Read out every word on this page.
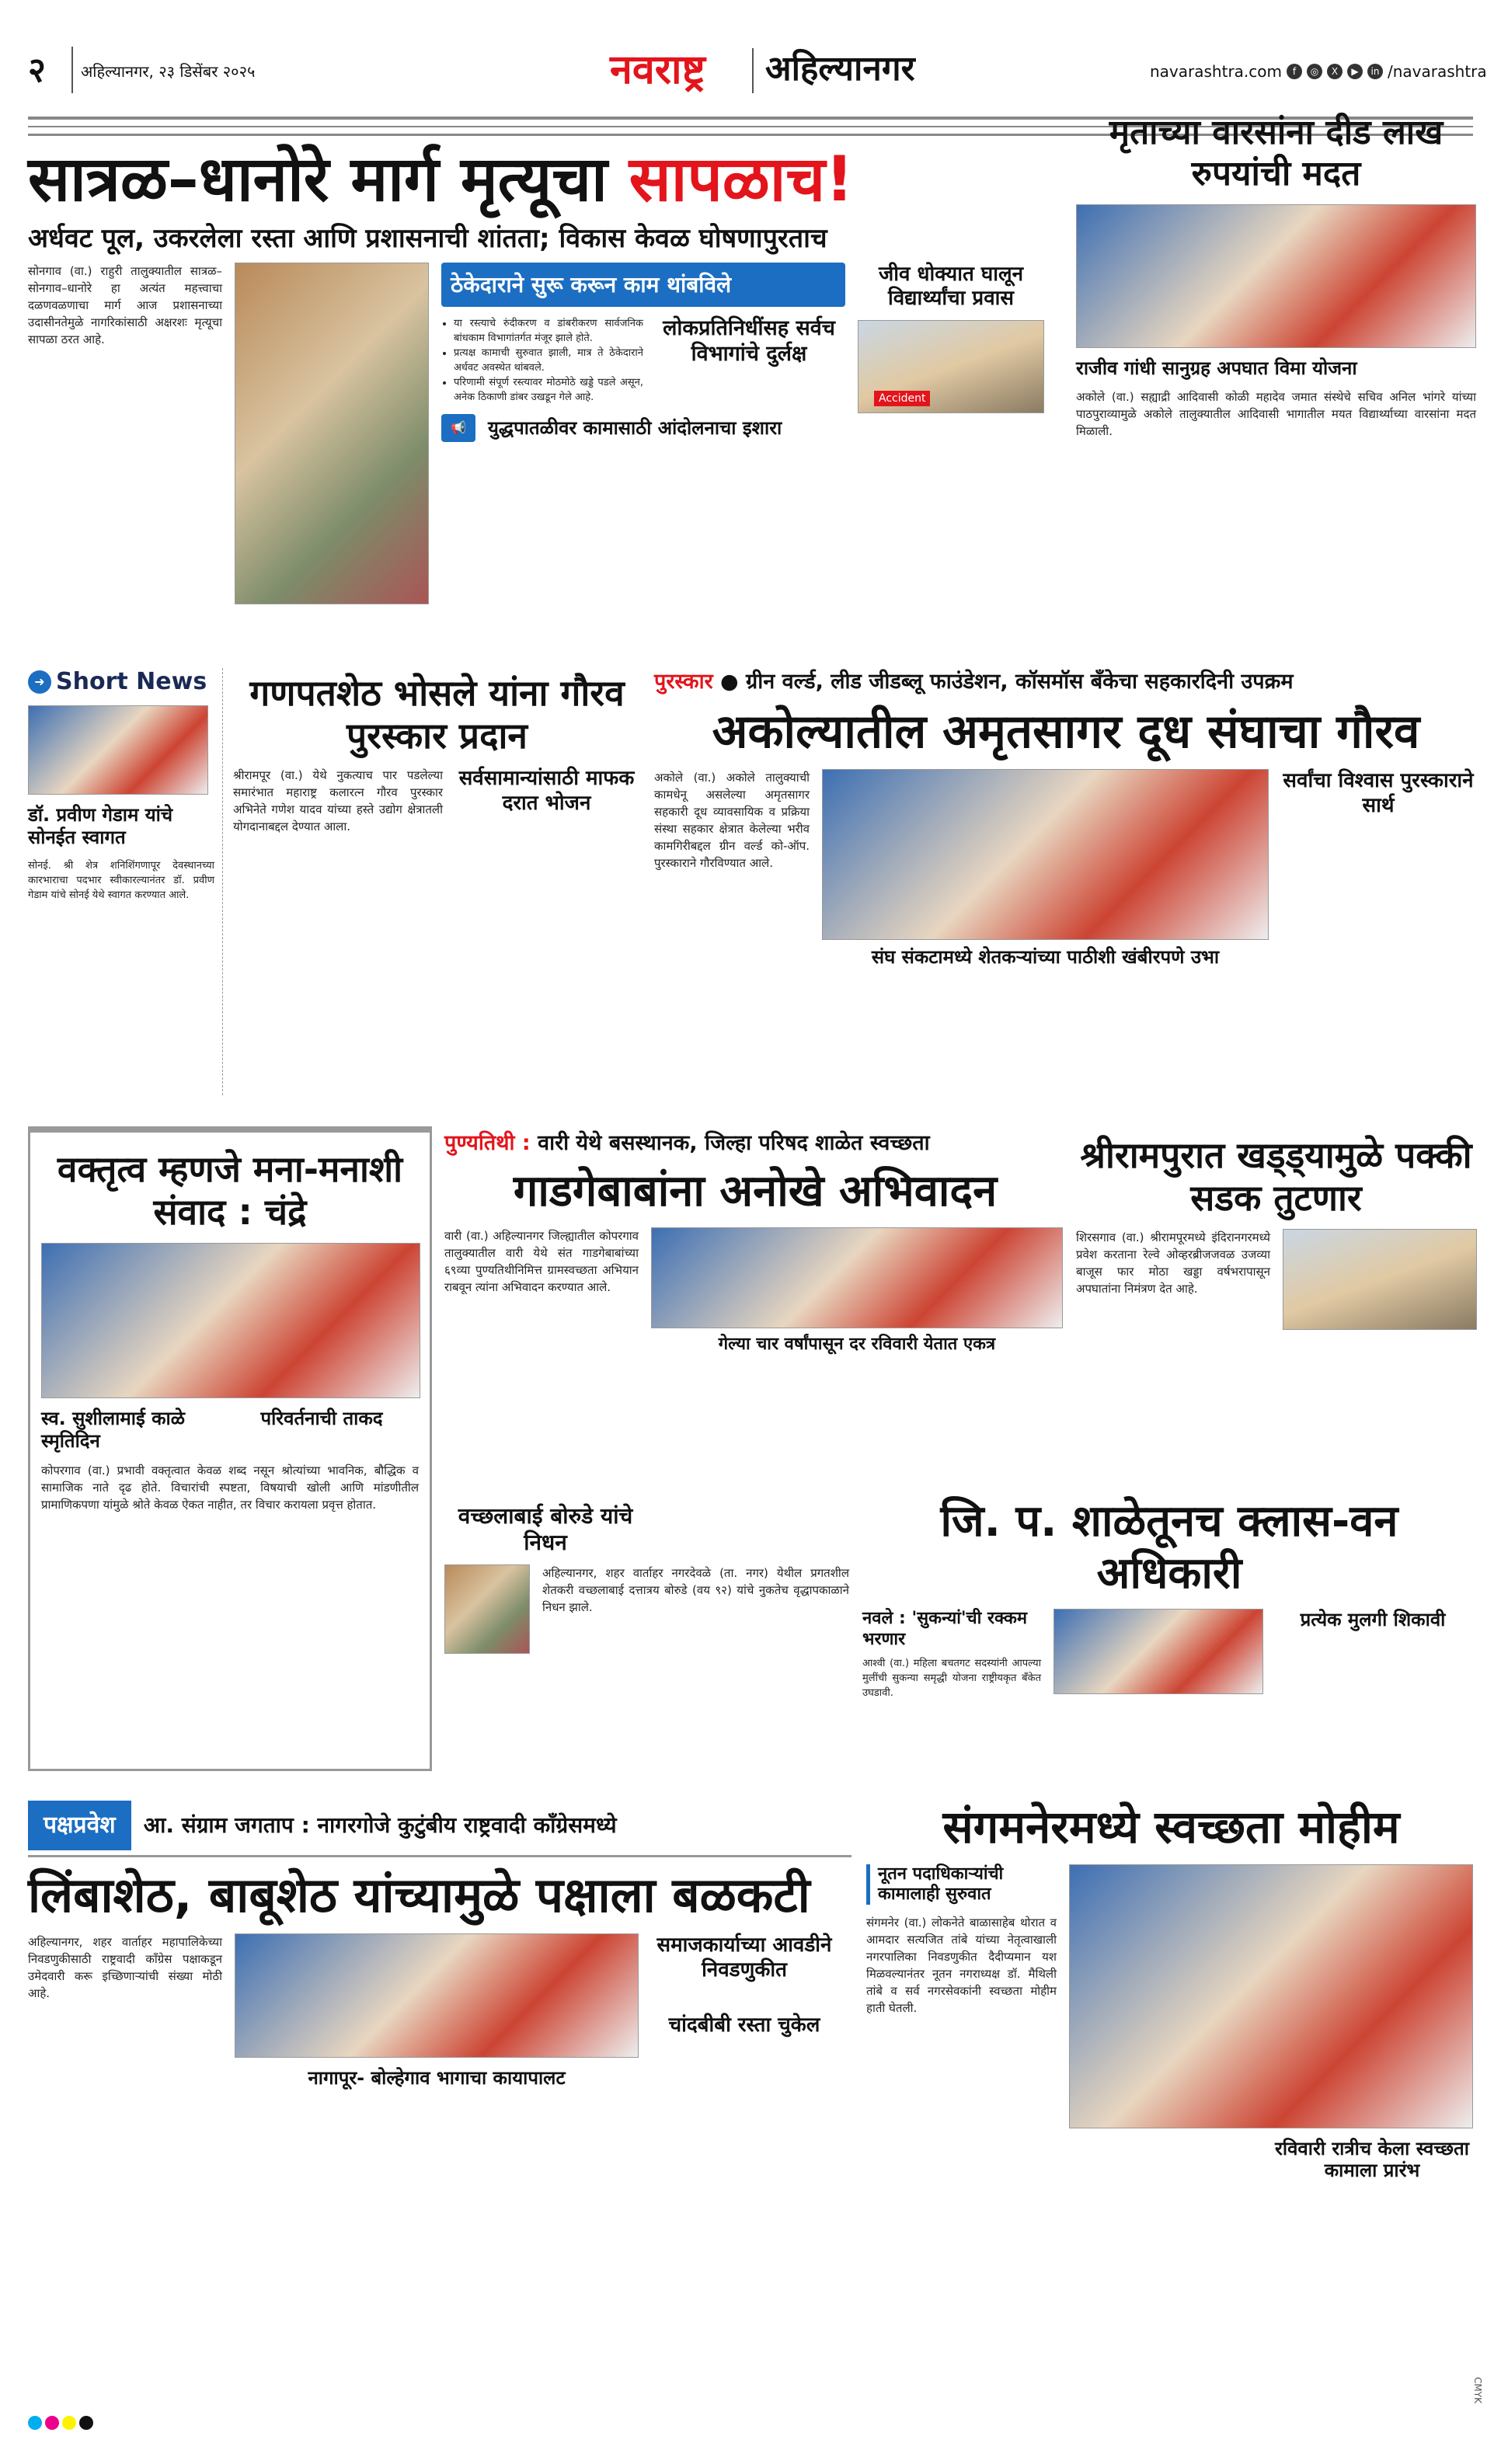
२ अहिल्यानगर, २३ डिसेंबर २०२५	नवराष्ट्र अहिल्यानगर	navarashtra.com	f	◎	X	▶	in /navarashtra
सात्रळ–धानोरे मार्ग मृत्यूचा सापळाच!
अर्धवट पूल, उकरलेला रस्ता आणि प्रशासनाची शांतता; विकास केवळ घोषणापुरताच
सोनगाव (वा.) राहुरी तालुक्यातील सात्रळ–सोनगाव–धानोरे हा अत्यंत महत्त्वाचा दळणवळणाचा मार्ग आज प्रशासनाच्या उदासीनतेमुळे नागरिकांसाठी अक्षरशः मृत्यूचा सापळा ठरत आहे.
ठेकेदाराने सुरू करून काम थांबविले
• या रस्त्याचे रुंदीकरण व डांबरीकरण सार्वजनिक बांधकाम विभागांतर्गत मंजूर झाले होते.
• प्रत्यक्ष कामाची सुरुवात झाली, मात्र ते ठेकेदाराने अर्धवट अवस्थेत थांबवले.
• परिणामी संपूर्ण रस्त्यावर मोठमोठे खड्डे पडले असून, अनेक ठिकाणी डांबर उखडून गेले आहे.
लोकप्रतिनिधींसह सर्वच विभागांचे दुर्लक्ष
📢	युद्धपातळीवर कामासाठी आंदोलनाचा इशारा
जीव धोक्यात घालून विद्यार्थ्यांचा प्रवास
Accident
मृताच्या वारसांना दीड लाख रुपयांची मदत
राजीव गांधी सानुग्रह अपघात विमा योजना
अकोले (वा.) सह्याद्री आदिवासी कोळी महादेव जमात संस्थेचे सचिव अनिल भांगरे यांच्या पाठपुराव्यामुळे अकोले तालुक्यातील आदिवासी भागातील मयत विद्यार्थ्याच्या वारसांना मदत मिळाली.
➜ Short News
डॉ. प्रवीण गेडाम यांचे सोनईत स्वागत
सोनई. श्री शेत्र शनिशिंगणापूर देवस्थानच्या कारभाराचा पदभार स्वीकारल्यानंतर डॉ. प्रवीण गेडाम यांचे सोनई येथे स्वागत करण्यात आले.
गणपतशेठ भोसले यांना गौरव पुरस्कार प्रदान
श्रीरामपूर (वा.) येथे नुकत्याच पार पडलेल्या समारंभात महाराष्ट्र कलारत्न गौरव पुरस्कार अभिनेते गणेश यादव यांच्या हस्ते उद्योग क्षेत्रातली योगदानाबद्दल देण्यात आला.
सर्वसामान्यांसाठी माफक दरात भोजन
पुरस्कार ● ग्रीन वर्ल्ड, लीड जीडब्लू फाउंडेशन, कॉसमॉस बँकेचा सहकारदिनी उपक्रम
अकोल्यातील अमृतसागर दूध संघाचा गौरव
अकोले (वा.) अकोले तालुक्याची कामधेनू असलेल्या अमृतसागर सहकारी दूध व्यावसायिक व प्रक्रिया संस्था सहकार क्षेत्रात केलेल्या भरीव कामगिरीबद्दल ग्रीन वर्ल्ड को-ऑप. पुरस्काराने गौरविण्यात आले.
संघ संकटामध्ये शेतकऱ्यांच्या पाठीशी खंबीरपणे उभा
सर्वांचा विश्वास पुरस्काराने सार्थ
वक्तृत्व म्हणजे मना-मनाशी संवाद : चंद्रे
स्व. सुशीलामाई काळे स्मृतिदिन
परिवर्तनाची ताकद
कोपरगाव (वा.) प्रभावी वक्तृत्वात केवळ शब्द नसून श्रोत्यांच्या भावनिक, बौद्धिक व सामाजिक नाते दृढ होते. विचारांची स्पष्टता, विषयाची खोली आणि मांडणीतील प्रामाणिकपणा यांमुळे श्रोते केवळ ऐकत नाहीत, तर विचार करायला प्रवृत्त होतात.
पुण्यतिथी : वारी येथे बसस्थानक, जिल्हा परिषद शाळेत स्वच्छता
गाडगेबाबांना अनोखे अभिवादन
वारी (वा.) अहिल्यानगर जिल्ह्यातील कोपरगाव तालुक्यातील वारी येथे संत गाडगेबाबांच्या ६९व्या पुण्यतिथीनिमित्त ग्रामस्वच्छता अभियान राबवून त्यांना अभिवादन करण्यात आले.
गेल्या चार वर्षांपासून दर रविवारी येतात एकत्र
श्रीरामपुरात खड्ड्यामुळे पक्की सडक तुटणार
शिरसगाव (वा.) श्रीरामपूरमध्ये इंदिरानगरमध्ये प्रवेश करताना रेल्वे ओव्हरब्रीजजवळ उजव्या बाजूस फार मोठा खड्डा वर्षभरापासून अपघातांना निमंत्रण देत आहे.
वच्छलाबाई बोरुडे यांचे निधन
अहिल्यानगर, शहर वार्ताहर नगरदेवळे (ता. नगर) येथील प्रगतशील शेतकरी वच्छलाबाई दत्तात्रय बोरुडे (वय ९२) यांचे नुकतेच वृद्धापकाळाने निधन झाले.
जि. प. शाळेतूनच क्लास-वन अधिकारी
नवले : 'सुकन्यां'ची रक्कम भरणार
आश्वी (वा.) महिला बचतगट सदस्यांनी आपल्या मुलींची सुकन्या समृद्धी योजना राष्ट्रीयकृत बँकेत उघडावी.
प्रत्येक मुलगी शिकावी
पक्षप्रवेश	आ. संग्राम जगताप : नागरगोजे कुटुंबीय राष्ट्रवादी काँग्रेसमध्ये
लिंबाशेठ, बाबूशेठ यांच्यामुळे पक्षाला बळकटी
अहिल्यानगर, शहर वार्ताहर महापालिकेच्या निवडणुकीसाठी राष्ट्रवादी काँग्रेस पक्षाकडून उमेदवारी करू इच्छिणाऱ्यांची संख्या मोठी आहे.
नागापूर- बोल्हेगाव भागाचा कायापालट
समाजकार्याच्या आवडीने निवडणुकीत
चांदबीबी रस्ता चुकेल
संगमनेरमध्ये स्वच्छता मोहीम
नूतन पदाधिकाऱ्यांची कामालाही सुरुवात
संगमनेर (वा.) लोकनेते बाळासाहेब थोरात व आमदार सत्यजित तांबे यांच्या नेतृत्वाखाली नगरपालिका निवडणुकीत दैदीप्यमान यश मिळवल्यानंतर नूतन नगराध्यक्ष डॉ. मैथिली तांबे व सर्व नगरसेवकांनी स्वच्छता मोहीम हाती घेतली.
रविवारी रात्रीच केला स्वच्छता कामाला प्रारंभ
CMYK
